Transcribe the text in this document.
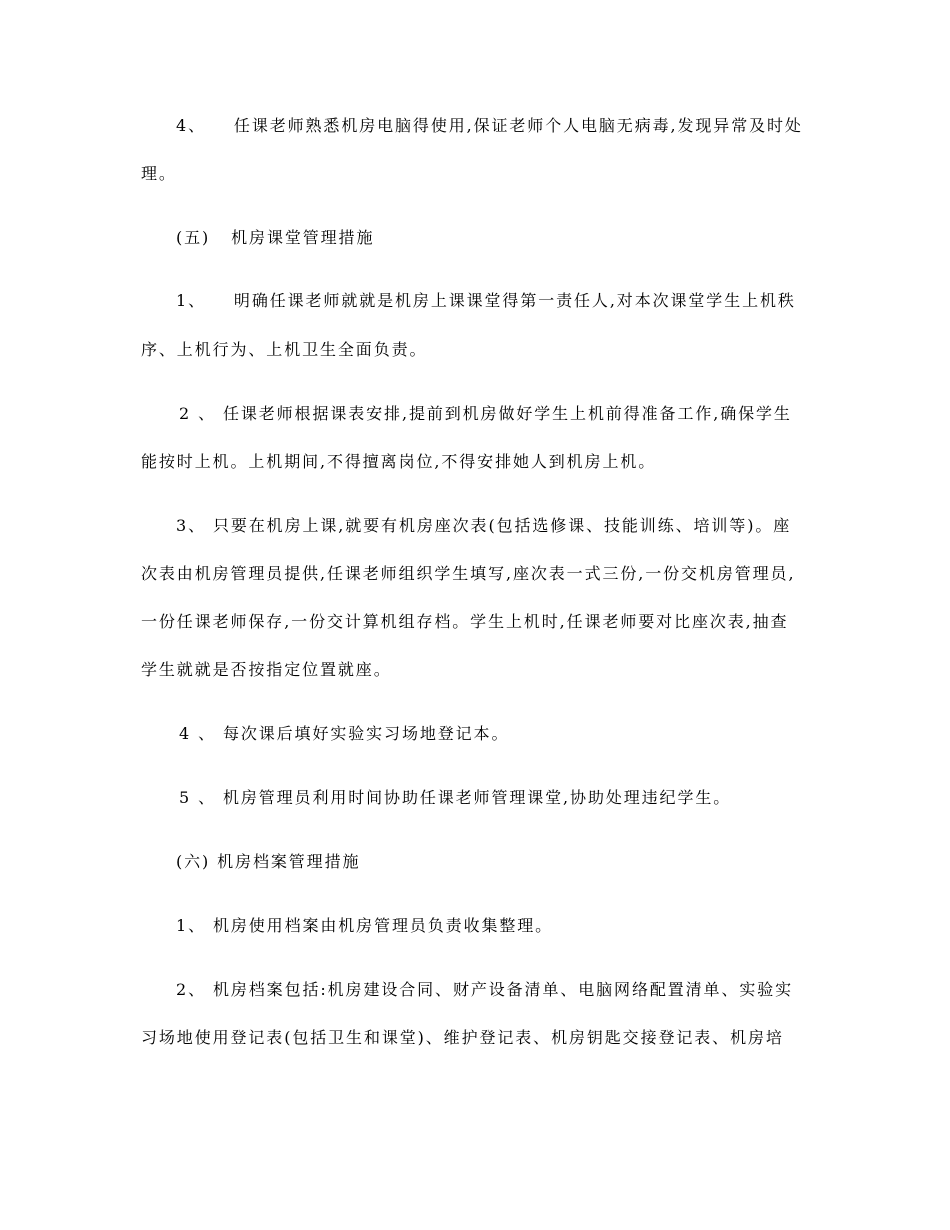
4、    任课老师熟悉机房电脑得使用,保证老师个人电脑无病毒,发现异常及时处
理。
(五)   机房课堂管理措施
1、    明确任课老师就就是机房上课课堂得第一责任人,对本次课堂学生上机秩
序、上机行为、上机卫生全面负责。
2 、 任课老师根据课表安排,提前到机房做好学生上机前得准备工作,确保学生
能按时上机。上机期间,不得擅离岗位,不得安排她人到机房上机。
3、 只要在机房上课,就要有机房座次表(包括选修课、技能训练、培训等)。座
次表由机房管理员提供,任课老师组织学生填写,座次表一式三份,一份交机房管理员,
一份任课老师保存,一份交计算机组存档。学生上机时,任课老师要对比座次表,抽查
学生就就是否按指定位置就座。
4 、 每次课后填好实验实习场地登记本。
5 、 机房管理员利用时间协助任课老师管理课堂,协助处理违纪学生。
(六) 机房档案管理措施
1、 机房使用档案由机房管理员负责收集整理。
2、 机房档案包括:机房建设合同、财产设备清单、电脑网络配置清单、实验实
习场地使用登记表(包括卫生和课堂)、维护登记表、机房钥匙交接登记表、机房培
